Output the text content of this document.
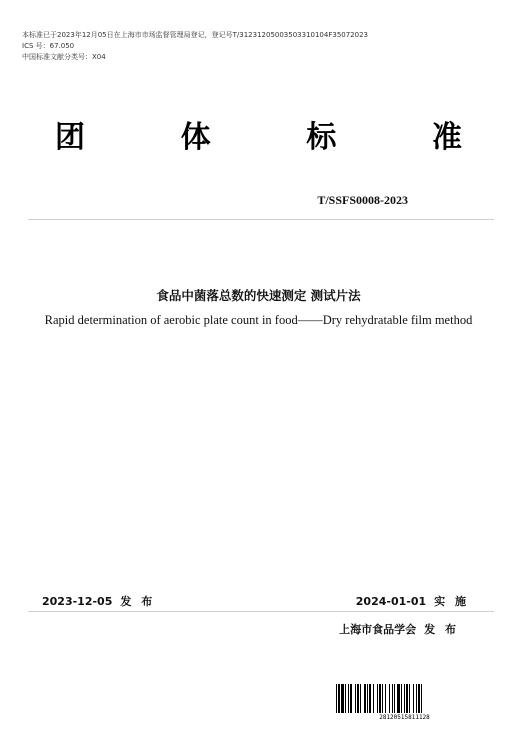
本标准已于2023年12月05日在上海市市场监督管理局登记，登记号T/31231205003503310104F35072023
ICS 号：67.050
中国标准文献分类号：X04
团	体	标	准
T/SSFS0008-2023
食品中菌落总数的快速测定 测试片法
Rapid determination of aerobic plate count in food——Dry rehydratable film method
2023-12-05 发 布	2024-01-01 实 施
上海市食品学会 发 布
28120515811128
